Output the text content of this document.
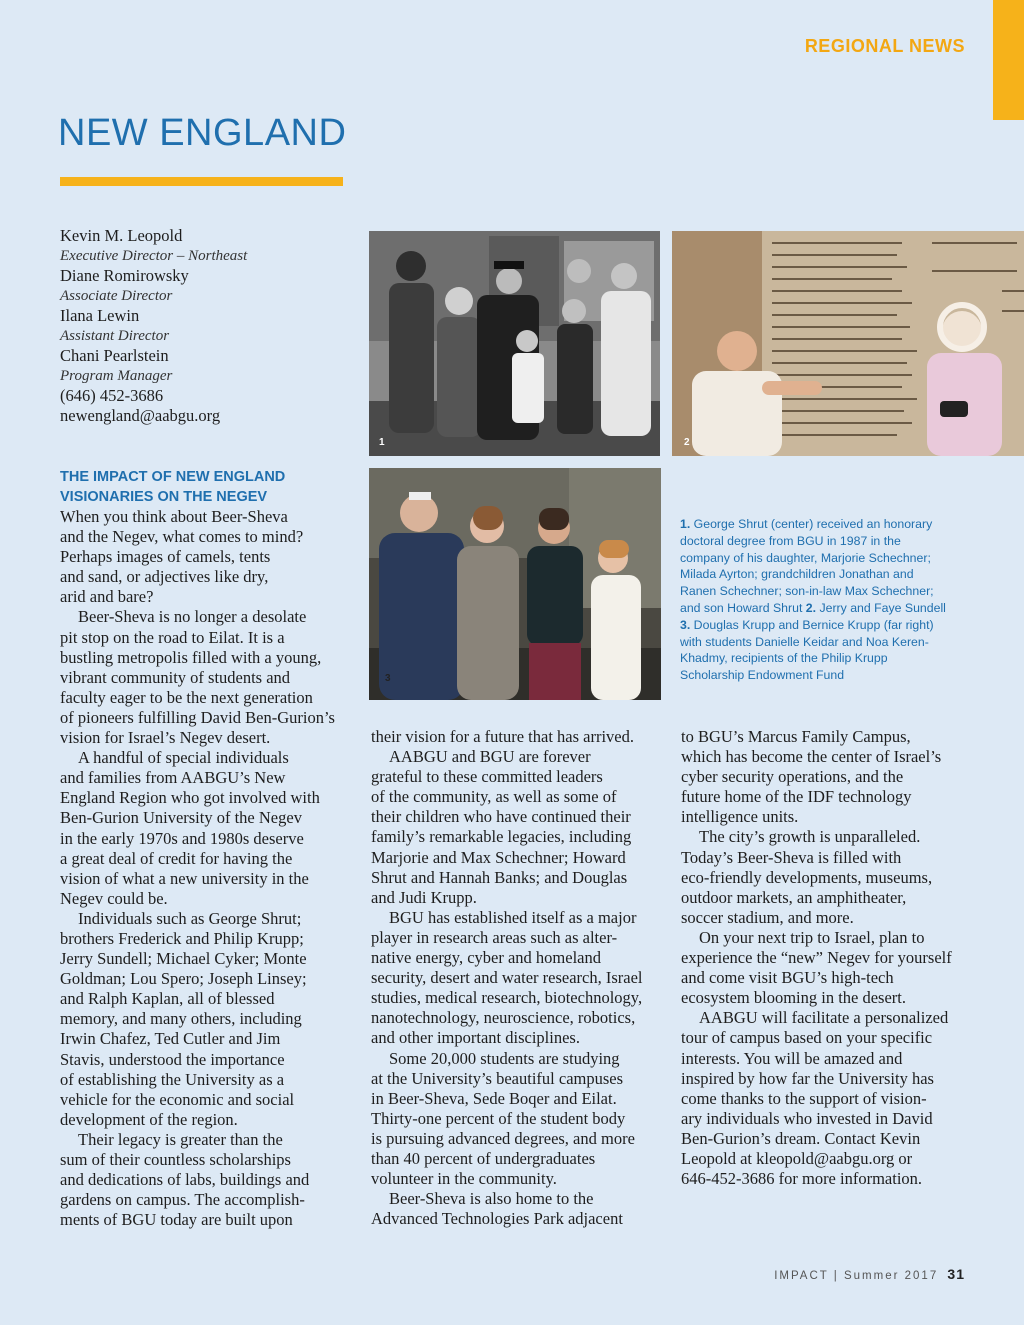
REGIONAL NEWS
NEW ENGLAND
Kevin M. Leopold
Executive Director – Northeast
Diane Romirowsky
Associate Director
Ilana Lewin
Assistant Director
Chani Pearlstein
Program Manager
(646) 452-3686
newengland@aabgu.org
THE IMPACT OF NEW ENGLAND
VISIONARIES ON THE NEGEV

When you think about Beer-Sheva

and the Negev, what comes to mind?

Perhaps images of camels, tents

and sand, or adjectives like dry,

arid and bare?

Beer-Sheva is no longer a desolate

pit stop on the road to Eilat. It is a

bustling metropolis filled with a young,

vibrant community of students and

faculty eager to be the next generation

of pioneers fulfilling David Ben-Gurion’s

vision for Israel’s Negev desert.

A handful of special individuals

and families from AABGU’s New

England Region who got involved with

Ben-Gurion University of the Negev

in the early 1970s and 1980s deserve

a great deal of credit for having the

vision of what a new university in the

Negev could be.

Individuals such as George Shrut;

brothers Frederick and Philip Krupp;

Jerry Sundell; Michael Cyker; Monte

Goldman; Lou Spero; Joseph Linsey;

and Ralph Kaplan, all of blessed

memory, and many others, including

Irwin Chafez, Ted Cutler and Jim

Stavis, understood the importance

of establishing the University as a

vehicle for the economic and social

development of the region.

Their legacy is greater than the

sum of their countless scholarships

and dedications of labs, buildings and

gardens on campus. The accomplish-

ments of BGU today are built upon

their vision for a future that has arrived.

AABGU and BGU are forever

grateful to these committed leaders

of the community, as well as some of

their children who have continued their

family’s remarkable legacies, including

Marjorie and Max Schechner; Howard

Shrut and Hannah Banks; and Douglas

and Judi Krupp.

BGU has established itself as a major

player in research areas such as alter-

native energy, cyber and homeland

security, desert and water research, Israel

studies, medical research, biotechnology,

nanotechnology, neuroscience, robotics,

and other important disciplines.

Some 20,000 students are studying

at the University’s beautiful campuses

in Beer-Sheva, Sede Boqer and Eilat.

Thirty-one percent of the student body

is pursuing advanced degrees, and more

than 40 percent of undergraduates

volunteer in the community.

Beer-Sheva is also home to the

Advanced Technologies Park adjacent

to BGU’s Marcus Family Campus,

which has become the center of Israel’s

cyber security operations, and the

future home of the IDF technology

intelligence units.

The city’s growth is unparalleled.

Today’s Beer-Sheva is filled with

eco-friendly developments, museums,

outdoor markets, an amphitheater,

soccer stadium, and more.

On your next trip to Israel, plan to

experience the “new” Negev for yourself

and come visit BGU’s high-tech

ecosystem blooming in the desert.

AABGU will facilitate a personalized

tour of campus based on your specific

interests. You will be amazed and

inspired by how far the University has

come thanks to the support of vision-

ary individuals who invested in David

Ben-Gurion’s dream. Contact Kevin

Leopold at kleopold@aabgu.org or

646-452-3686 for more information.

1	2
3
1. George Shrut (center) received an honorary
doctoral degree from BGU in 1987 in the
company of his daughter, Marjorie Schechner;
Milada Ayrton; grandchildren Jonathan and
Ranen Schechner; son-in-law Max Schechner;
and son Howard Shrut 2. Jerry and Faye Sundell
3. Douglas Krupp and Bernice Krupp (far right)
with students Danielle Keidar and Noa Keren-
Khadmy, recipients of the Philip Krupp
Scholarship Endowment Fund
IMPACT | Summer 2017 31
